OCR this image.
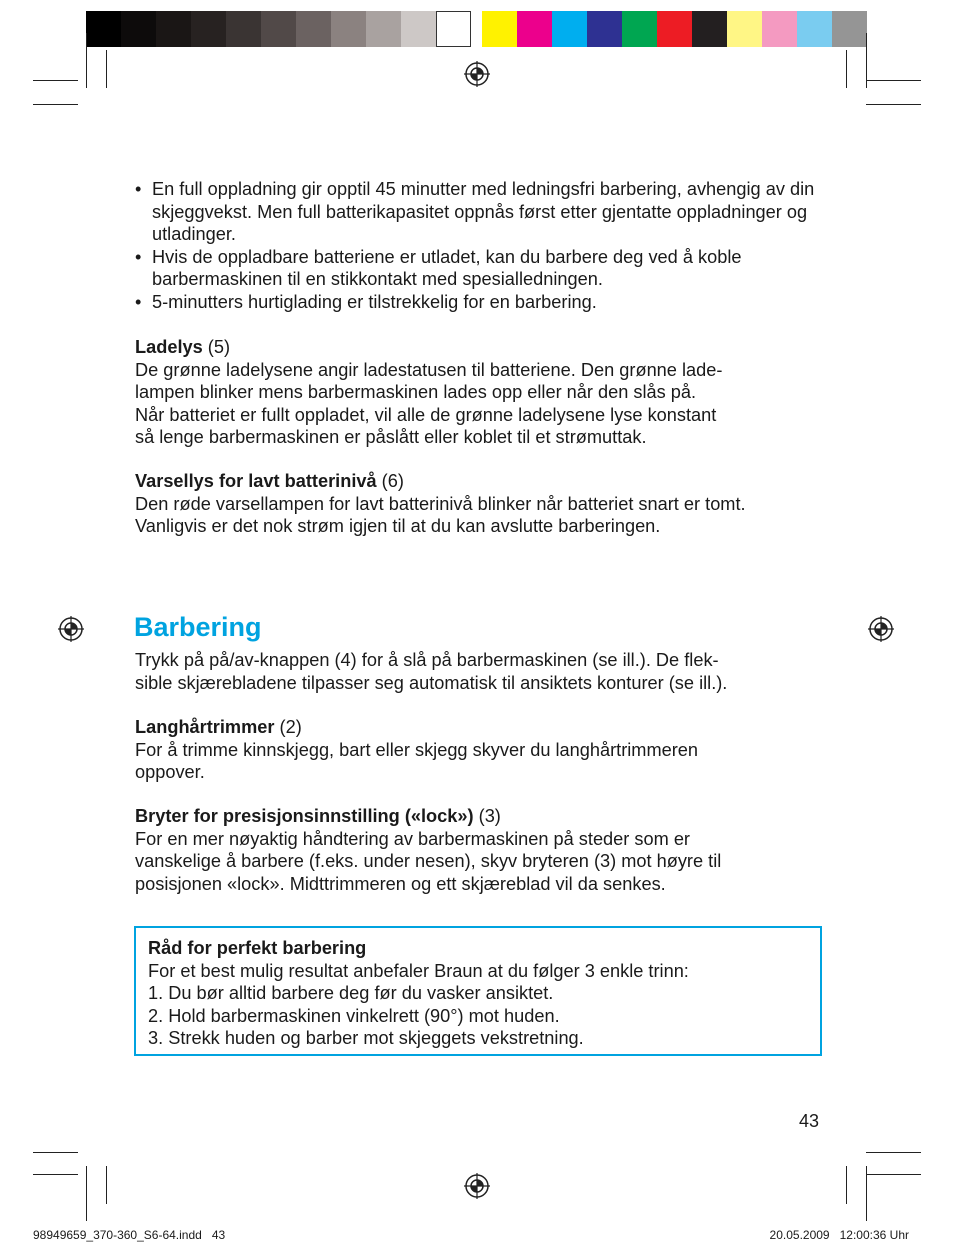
• En full oppladning gir opptil 45 minutter med ledningsfri barbering, avhengig av din skjeggvekst. Men full batterikapasitet oppnås først etter gjentatte oppladninger og utladinger.
• Hvis de oppladbare batteriene er utladet, kan du barbere deg ved å koble barbermaskinen til en stikkontakt med spesialledningen.
• 5-minutters hurtiglading er tilstrekkelig for en barbering.

Ladelys (5)
De grønne ladelysene angir ladestatusen til batteriene. Den grønne lade-
lampen blinker mens barbermaskinen lades opp eller når den slås på.
Når batteriet er fullt oppladet, vil alle de grønne ladelysene lyse konstant
så lenge barbermaskinen er påslått eller koblet til et strømuttak.

Varsellys for lavt batterinivå (6)
Den røde varsellampen for lavt batterinivå blinker når batteriet snart er tomt.
Vanligvis er det nok strøm igjen til at du kan avslutte barberingen.

Barbering

Trykk på på/av-knappen (4) for å slå på barbermaskinen (se ill.). De flek-
sible skjærebladene tilpasser seg automatisk til ansiktets konturer (se ill.).

Langhårtrimmer (2)
For å trimme kinnskjegg, bart eller skjegg skyver du langhårtrimmeren
oppover.

Bryter for presisjonsinnstilling («lock») (3)
For en mer nøyaktig håndtering av barbermaskinen på steder som er
vanskelige å barbere (f.eks. under nesen), skyv bryteren (3) mot høyre til
posisjonen «lock». Midttrimmeren og ett skjæreblad vil da senkes.

Råd for perfekt barbering
For et best mulig resultat anbefaler Braun at du følger 3 enkle trinn:
1. Du bør alltid barbere deg før du vasker ansiktet.
2. Hold barbermaskinen vinkelrett (90°) mot huden.
3. Strekk huden og barber mot skjeggets vekstretning.
43
98949659_370-360_S6-64.indd   43	20.05.2009   12:00:36 Uhr
